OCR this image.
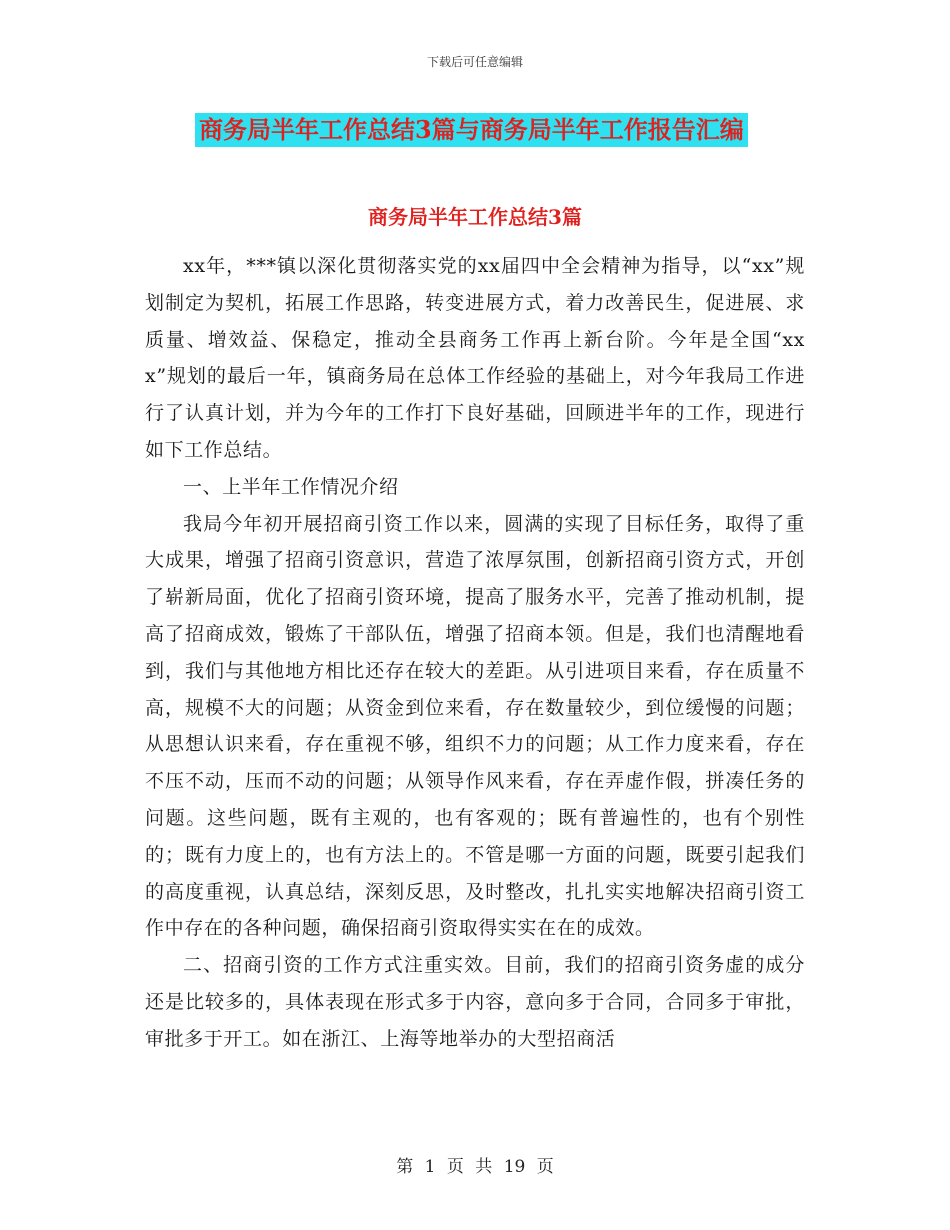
下载后可任意编辑
商务局半年工作总结3篇与商务局半年工作报告汇编
商务局半年工作总结3篇

xx年，***镇以深化贯彻落实党的xx届四中全会精神为指导，以“xx”规划制定为契机，拓展工作思路，转变进展方式，着力改善民生，促进展、求质量、增效益、保稳定，推动全县商务工作再上新台阶。今年是全国“xxx”规划的最后一年，镇商务局在总体工作经验的基础上，对今年我局工作进行了认真计划，并为今年的工作打下良好基础，回顾进半年的工作，现进行如下工作总结。

一、上半年工作情况介绍

我局今年初开展招商引资工作以来，圆满的实现了目标任务，取得了重大成果，增强了招商引资意识，营造了浓厚氛围，创新招商引资方式，开创了崭新局面，优化了招商引资环境，提高了服务水平，完善了推动机制，提高了招商成效，锻炼了干部队伍，增强了招商本领。但是，我们也清醒地看到，我们与其他地方相比还存在较大的差距。从引进项目来看，存在质量不高，规模不大的问题；从资金到位来看，存在数量较少，到位缓慢的问题；从思想认识来看，存在重视不够，组织不力的问题；从工作力度来看，存在不压不动，压而不动的问题；从领导作风来看，存在弄虚作假，拼凑任务的问题。这些问题，既有主观的，也有客观的；既有普遍性的，也有个别性的；既有力度上的，也有方法上的。不管是哪一方面的问题，既要引起我们的高度重视，认真总结，深刻反思，及时整改，扎扎实实地解决招商引资工作中存在的各种问题，确保招商引资取得实实在在的成效。

二、招商引资的工作方式注重实效。目前，我们的招商引资务虚的成分还是比较多的，具体表现在形式多于内容，意向多于合同，合同多于审批，审批多于开工。如在浙江、上海等地举办的大型招商活

第 1 页 共 19 页
